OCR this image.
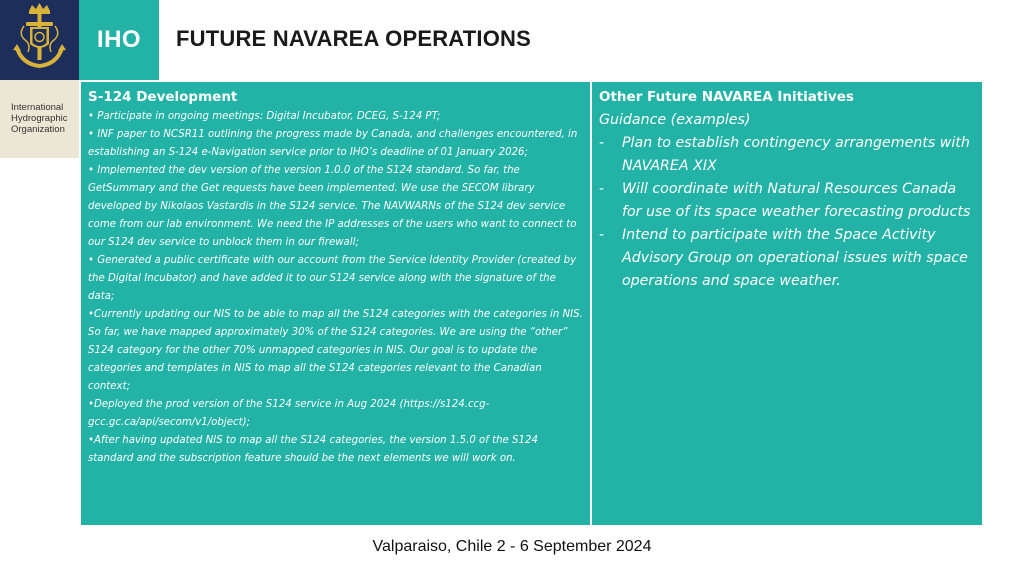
IHO
International
Hydrographic
Organization
FUTURE NAVAREA OPERATIONS
S-124 Development
• Participate in ongoing meetings: Digital Incubator, DCEG, S-124 PT;
• INF paper to NCSR11 outlining the progress made by Canada, and challenges encountered, in establishing an S-124 e-Navigation service prior to IHO’s deadline of 01 January 2026;
• Implemented the dev version of the version 1.0.0 of the S124 standard. So far, the GetSummary and the Get requests have been implemented. We use the SECOM library developed by Nikolaos Vastardis in the S124 service. The NAVWARNs of the S124 dev service come from our lab environment. We need the IP addresses of the users who want to connect to our S124 dev service to unblock them in our firewall;
• Generated a public certificate with our account from the Service Identity Provider (created by the Digital Incubator) and have added it to our S124 service along with the signature of the data;
•Currently updating our NIS to be able to map all the S124 categories with the categories in NIS. So far, we have mapped approximately 30% of the S124 categories. We are using the “other” S124 category for the other 70% unmapped categories in NIS. Our goal is to update the categories and templates in NIS to map all the S124 categories relevant to the Canadian context;
•Deployed the prod version of the S124 service in Aug 2024 (https://s124.ccg-gcc.gc.ca/api/secom/v1/object);
•After having updated NIS to map all the S124 categories, the version 1.5.0 of the S124 standard and the subscription feature should be the next elements we will work on.
Other Future NAVAREA Initiatives
Guidance (examples)
-	Plan to establish contingency arrangements with NAVAREA XIX
-	Will coordinate with Natural Resources Canada for use of its space weather forecasting products
-	Intend to participate with the Space Activity Advisory Group on operational issues with space operations and space weather.
Valparaiso, Chile 2 - 6 September 2024
